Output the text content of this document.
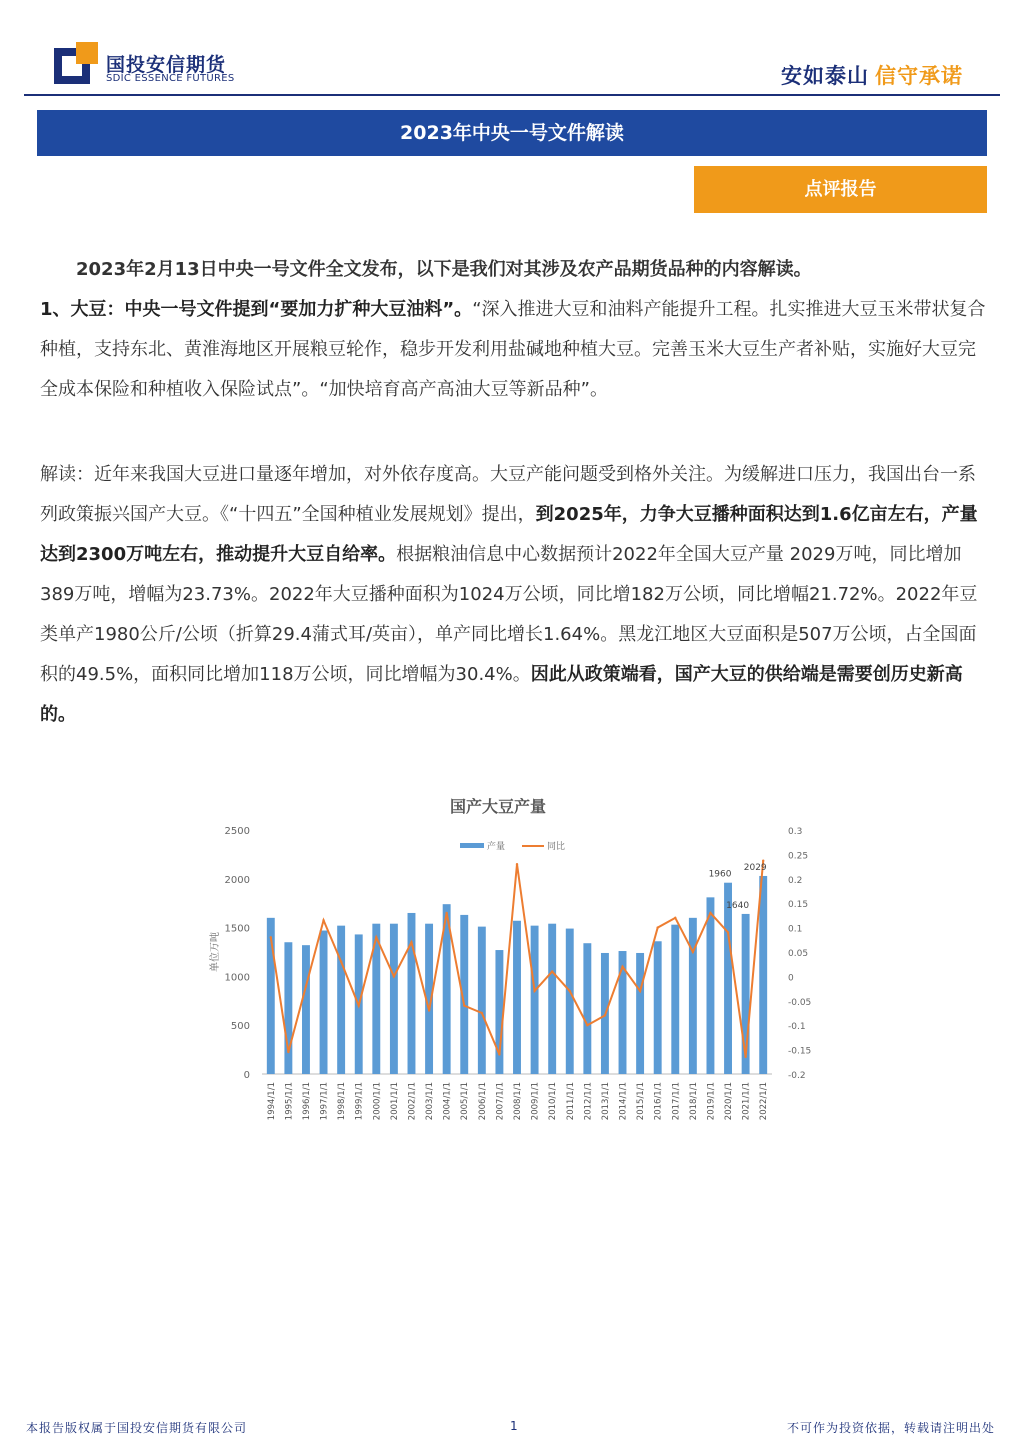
国投安信期货
SDIC ESSENCE FUTURES	安如泰山 信守承诺
2023年中央一号文件解读
点评报告
2023年2月13日中央一号文件全文发布，以下是我们对其涉及农产品期货品种的内容解读。
1、大豆：中央一号文件提到“要加力扩种大豆油料”。“深入推进大豆和油料产能提升工程。扎实推进大豆玉米带状复合种植，支持东北、黄淮海地区开展粮豆轮作，稳步开发利用盐碱地种植大豆。完善玉米大豆生产者补贴，实施好大豆完全成本保险和种植收入保险试点”。“加快培育高产高油大豆等新品种”。
解读：近年来我国大豆进口量逐年增加，对外依存度高。大豆产能问题受到格外关注。为缓解进口压力，我国出台一系列政策振兴国产大豆。《“十四五”全国种植业发展规划》提出，到2025年，力争大豆播种面积达到1.6亿亩左右，产量达到2300万吨左右，推动提升大豆自给率。根据粮油信息中心数据预计2022年全国大豆产量 2029万吨，同比增加389万吨，增幅为23.73%。2022年大豆播种面积为1024万公顷，同比增182万公顷，同比增幅21.72%。2022年豆类单产1980公斤/公顷（折算29.4蒲式耳/英亩），单产同比增长1.64%。黑龙江地区大豆面积是507万公顷，占全国面积的49.5%，面积同比增加118万公顷，同比增幅为30.4%。因此从政策端看，国产大豆的供给端是需要创历史新高的。
国产大豆产量
0
500
1000
1500
2000
2500
-0.2
-0.15
-0.1
-0.05
0
0.05
0.1
0.15
0.2
0.25
0.3
单位万吨
1960
1640
2029
1994/1/1 1995/1/1 1996/1/1 1997/1/1 1998/1/1 1999/1/1 2000/1/1 2001/1/1 2002/1/1 2003/1/1 2004/1/1 2005/1/1 2006/1/1 2007/1/1 2008/1/1 2009/1/1 2010/1/1 2011/1/1 2012/1/1 2013/1/1 2014/1/1 2015/1/1 2016/1/1 2017/1/1 2018/1/1 2019/1/1 2020/1/1 2021/1/1 2022/1/1
产量	同比
本报告版权属于国投安信期货有限公司	1	不可作为投资依据，转载请注明出处
